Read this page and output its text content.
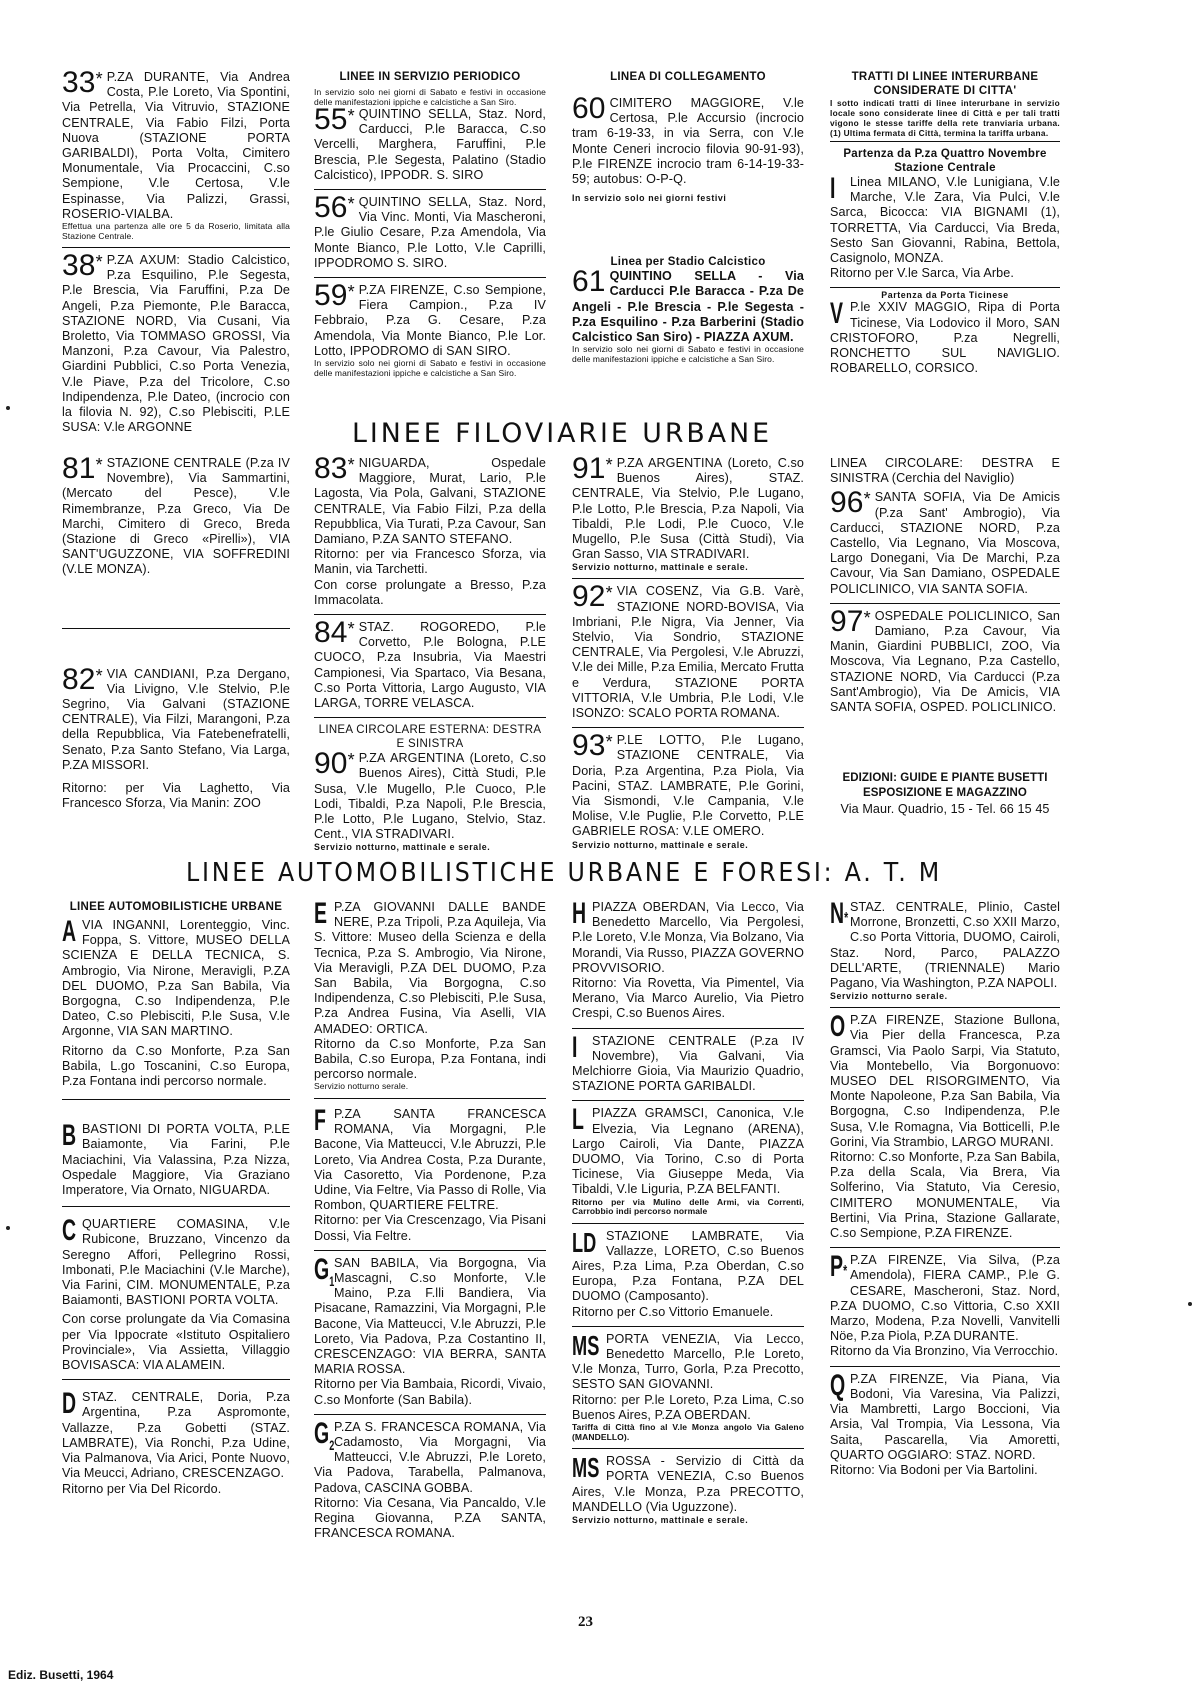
33* P.ZA DURANTE, Via Andrea Costa, P.le Loreto, Via Spontini, Via Petrella, Via Vitruvio, STAZIONE CENTRALE, Via Fabio Filzi, Porta Nuova (STAZIONE PORTA GARIBALDI), Porta Volta, Cimitero Monumentale, Via Procaccini, C.so Sempione, V.le Certosa, V.le Espinasse, Via Palizzi, Grassi, ROSERIO-VIALBA.
Effettua una partenza alle ore 5 da Roserio, limitata alla Stazione Centrale.
38* P.ZA AXUM: Stadio Calcistico, P.za Esquilino, P.le Segesta, P.le Brescia, Via Faruffini, P.za De Angeli, P.za Piemonte, P.le Baracca, STAZIONE NORD, Via Cusani, Via Broletto, Via TOMMASO GROSSI, Via Manzoni, P.za Cavour, Via Palestro, Giardini Pubblici, C.so Porta Venezia, V.le Piave, P.za del Tricolore, C.so Indipendenza, P.le Dateo, (incrocio con la filovia N. 92), C.so Plebisciti, P.LE SUSA: V.le ARGONNE
LINEE IN SERVIZIO PERIODICO
In servizio solo nei giorni di Sabato e festivi in occasione delle manifestazioni ippiche e calcistiche a San Siro.
55* QUINTINO SELLA, Staz. Nord, Carducci, P.le Baracca, C.so Vercelli, Marghera, Faruffini, P.le Brescia, P.le Segesta, Palatino (Stadio Calcistico), IPPODR. S. SIRO
56* QUINTINO SELLA, Staz. Nord, Via Vinc. Monti, Via Mascheroni, P.le Giulio Cesare, P.za Amendola, Via Monte Bianco, P.le Lotto, V.le Caprilli, IPPODROMO S. SIRO.
59* P.ZA FIRENZE, C.so Sempione, Fiera Campion., P.za IV Febbraio, P.za G. Cesare, P.za Amendola, Via Monte Bianco, P.le Lor. Lotto, IPPODROMO di SAN SIRO.
In servizio solo nei giorni di Sabato e festivi in occasione delle manifestazioni ippiche e calcistiche a San Siro.
LINEA DI COLLEGAMENTO
60 CIMITERO MAGGIORE, V.le Certosa, P.le Accursio (incrocio tram 6-19-33, in via Serra, con V.le Monte Ceneri incrocio filovia 90-91-93), P.le FIRENZE incrocio tram 6-14-19-33-59; autobus: O-P-Q.
In servizio solo nei giorni festivi
Linea per Stadio Calcistico
61 QUINTINO SELLA - Via Carducci P.le Baracca - P.za De Angeli - P.le Brescia - P.le Segesta - P.za Esquilino - P.za Barberini (Stadio Calcistico San Siro) - PIAZZA AXUM.
In servizio solo nei giorni di Sabato e festivi in occasione delle manifestazioni ippiche e calcistiche a San Siro.
TRATTI DI LINEE INTERURBANE CONSIDERATE DI CITTA'
I sotto indicati tratti di linee interurbane in servizio locale sono considerate linee di Città e per tali tratti vigono le stesse tariffe della rete tranviaria urbana. (1) Ultima fermata di Città, termina la tariffa urbana.
Partenza da P.za Quattro Novembre Stazione Centrale
I	Linea MILANO, V.le Lunigiana, V.le Marche, V.le Zara, Via Pulci, V.le Sarca, Bicocca: VIA BIGNAMI (1), TORRETTA, Via Carducci, Via Breda, Sesto San Giovanni, Rabina, Bettola, Casignolo, MONZA.
Ritorno per V.le Sarca, Via Arbe.
Partenza da Porta Ticinese
V P.le XXIV MAGGIO, Ripa di Porta Ticinese, Via Lodovico il Moro, SAN CRISTOFORO, P.za Negrelli, RONCHETTO SUL NAVIGLIO. ROBARELLO, CORSICO.
LINEE FILOVIARIE URBANE
81* STAZIONE CENTRALE (P.za IV Novembre), Via Sammartini, (Mercato del Pesce), V.le Rimembranze, P.za Greco, Via De Marchi, Cimitero di Greco, Breda (Stazione di Greco «Pirelli»), VIA SANT'UGUZZONE, VIA SOFFREDINI (V.LE MONZA).
82* VIA CANDIANI, P.za Dergano, Via Livigno, V.le Stelvio, P.le Segrino, Via Galvani (STAZIONE CENTRALE), Via Filzi, Marangoni, P.za della Repubblica, Via Fatebenefratelli, Senato, P.za Santo Stefano, Via Larga, P.ZA MISSORI.
Ritorno: per Via Laghetto, Via Francesco Sforza, Via Manin: ZOO
83* NIGUARDA, Ospedale Maggiore, Murat, Lario, P.le Lagosta, Via Pola, Galvani, STAZIONE CENTRALE, Via Fabio Filzi, P.za della Repubblica, Via Turati, P.za Cavour, San Damiano, P.ZA SANTO STEFANO.
Ritorno: per via Francesco Sforza, via Manin, via Tarchetti.
Con corse prolungate a Bresso, P.za Immacolata.
84* STAZ. ROGOREDO, P.le Corvetto, P.le Bologna, P.LE CUOCO, P.za Insubria, Via Maestri Campionesi, Via Spartaco, Via Besana, C.so Porta Vittoria, Largo Augusto, VIA LARGA, TORRE VELASCA.
LINEA CIRCOLARE ESTERNA: DESTRA E SINISTRA
90* P.ZA ARGENTINA (Loreto, C.so Buenos Aires), Città Studi, P.le Susa, V.le Mugello, P.le Cuoco, P.le Lodi, Tibaldi, P.za Napoli, P.le Brescia, P.le Lotto, P.le Lugano, Stelvio, Staz. Cent., VIA STRADIVARI.
Servizio notturno, mattinale e serale.
91* P.ZA ARGENTINA (Loreto, C.so Buenos Aires), STAZ. CENTRALE, Via Stelvio, P.le Lugano, P.le Lotto, P.le Brescia, P.za Napoli, Via Tibaldi, P.le Lodi, P.le Cuoco, V.le Mugello, P.le Susa (Città Studi), Via Gran Sasso, VIA STRADIVARI.
Servizio notturno, mattinale e serale.
92* VIA COSENZ, Via G.B. Varè, STAZIONE NORD-BOVISA, Via Imbriani, P.le Nigra, Via Jenner, Via Stelvio, Via Sondrio, STAZIONE CENTRALE, Via Pergolesi, V.le Abruzzi, V.le dei Mille, P.za Emilia, Mercato Frutta e Verdura, STAZIONE PORTA VITTORIA, V.le Umbria, P.le Lodi, V.le ISONZO: SCALO PORTA ROMANA.
93* P.LE LOTTO, P.le Lugano, STAZIONE CENTRALE, Via Doria, P.za Argentina, P.za Piola, Via Pacini, STAZ. LAMBRATE, P.le Gorini, Via Sismondi, V.le Campania, V.le Molise, V.le Puglie, P.le Corvetto, P.LE GABRIELE ROSA: V.LE OMERO.
Servizio notturno, mattinale e serale.
LINEA CIRCOLARE: DESTRA E SINISTRA (Cerchia del Naviglio)
96* SANTA SOFIA, Via De Amicis (P.za Sant' Ambrogio), Via Carducci, STAZIONE NORD, P.za Castello, Via Legnano, Via Moscova, Largo Donegani, Via De Marchi, P.za Cavour, Via San Damiano, OSPEDALE POLICLINICO, VIA SANTA SOFIA.
97* OSPEDALE POLICLINICO, San Damiano, P.za Cavour, Via Manin, Giardini PUBBLICI, ZOO, Via Moscova, Via Legnano, P.za Castello, STAZIONE NORD, Via Carducci (P.za Sant'Ambrogio), Via De Amicis, VIA SANTA SOFIA, OSPED. POLICLINICO.
EDIZIONI: GUIDE E PIANTE BUSETTI
ESPOSIZIONE E MAGAZZINO
Via Maur. Quadrio, 15 - Tel. 66 15 45
LINEE AUTOMOBILISTICHE URBANE E FORESI: A. T. M
LINEE AUTOMOBILISTICHE URBANE
A VIA INGANNI, Lorenteggio, Vinc. Foppa, S. Vittore, MUSEO DELLA SCIENZA E DELLA TECNICA, S. Ambrogio, Via Nirone, Meravigli, P.ZA DEL DUOMO, P.za San Babila, Via Borgogna, C.so Indipendenza, P.le Dateo, C.so Plebisciti, P.le Susa, V.le Argonne, VIA SAN MARTINO.
Ritorno da C.so Monforte, P.za San Babila, L.go Toscanini, C.so Europa, P.za Fontana indi percorso normale.
B BASTIONI DI PORTA VOLTA, P.LE Baiamonte, Via Farini, P.le Maciachini, Via Valassina, P.za Nizza, Ospedale Maggiore, Via Graziano Imperatore, Via Ornato, NIGUARDA.
C QUARTIERE COMASINA, V.le Rubicone, Bruzzano, Vincenzo da Seregno Affori, Pellegrino Rossi, Imbonati, P.le Maciachini (V.le Marche), Via Farini, CIM. MONUMENTALE, P.za Baiamonti, BASTIONI PORTA VOLTA.
Con corse prolungate da Via Comasina per Via Ippocrate «Istituto Ospitaliero Provinciale», Via Assietta, Villaggio BOVISASCA: VIA ALAMEIN.
D STAZ. CENTRALE, Doria, P.za Argentina, P.za Aspromonte, Vallazze, P.za Gobetti (STAZ. LAMBRATE), Via Ronchi, P.za Udine, Via Palmanova, Via Arici, Ponte Nuovo, Via Meucci, Adriano, CRESCENZAGO.
Ritorno per Via Del Ricordo.
E P.ZA GIOVANNI DALLE BANDE NERE, P.za Tripoli, P.za Aquileja, Via S. Vittore: Museo della Scienza e della Tecnica, P.za S. Ambrogio, Via Nirone, Via Meravigli, P.ZA DEL DUOMO, P.za San Babila, Via Borgogna, C.so Indipendenza, C.so Plebisciti, P.le Susa, P.za Andrea Fusina, Via Aselli, VIA AMADEO: ORTICA.
Ritorno da C.so Monforte, P.za San Babila, C.so Europa, P.za Fontana, indi percorso normale.
Servizio notturno serale.
F P.ZA SANTA FRANCESCA ROMANA, Via Morgagni, P.le Bacone, Via Matteucci, V.le Abruzzi, P.le Loreto, Via Andrea Costa, P.za Durante, Via Casoretto, Via Pordenone, P.za Udine, Via Feltre, Via Passo di Rolle, Via Rombon, QUARTIERE FELTRE.
Ritorno: per Via Crescenzago, Via Pisani Dossi, Via Feltre.
$G_1$
SAN BABILA, Via Borgogna, Via Mascagni, C.so Monforte, V.le Maino, P.za F.lli Bandiera, Via Pisacane, Ramazzini, Via Morgagni, P.le Bacone, Via Matteucci, V.le Abruzzi, P.le Loreto, Via Padova, P.za Costantino II, CRESCENZAGO: VIA BERRA, SANTA MARIA ROSSA.
Ritorno per Via Bambaia, Ricordi, Vivaio, C.so Monforte (San Babila).
$G_2$
P.ZA S. FRANCESCA ROMANA, Via Cadamosto, Via Morgagni, Via Matteucci, V.le Abruzzi, P.le Loreto, Via Padova, Tarabella, Palmanova, Padova, CASCINA GOBBA.
Ritorno: Via Cesana, Via Pancaldo, V.le Regina Giovanna, P.ZA SANTA, FRANCESCA ROMANA.
H PIAZZA OBERDAN, Via Lecco, Via Benedetto Marcello, Via Pergolesi, P.le Loreto, V.le Monza, Via Bolzano, Via Morandi, Via Russo, PIAZZA GOVERNO PROVVISORIO.
Ritorno: Via Rovetta, Via Pimentel, Via Merano, Via Marco Aurelio, Via Pietro Crespi, C.so Buenos Aires.
I	STAZIONE CENTRALE (P.za IV Novembre), Via Galvani, Via Melchiorre Gioia, Via Maurizio Quadrio, STAZIONE PORTA GARIBALDI.
L PIAZZA GRAMSCI, Canonica, V.le Elvezia, Via Legnano (ARENA), Largo Cairoli, Via Dante, PIAZZA DUOMO, Via Torino, C.so di Porta Ticinese, Via Giuseppe Meda, Via Tibaldi, V.le Liguria, P.ZA BELFANTI.
Ritorno per via Mulino delle Armi, via Correnti, Carrobbio indi percorso normale
LD STAZIONE LAMBRATE, Via Vallazze, LORETO, C.so Buenos Aires, P.za Lima, P.za Oberdan, C.so Europa, P.za Fontana, P.ZA DEL DUOMO (Camposanto).
Ritorno per C.so Vittorio Emanuele.
MS PORTA VENEZIA, Via Lecco, Benedetto Marcello, P.le Loreto, V.le Monza, Turro, Gorla, P.za Precotto, SESTO SAN GIOVANNI.
Ritorno: per P.le Loreto, P.za Lima, C.so Buenos Aires, P.ZA OBERDAN.
Tariffa di Città fino al V.le Monza angolo Via Galeno (MANDELLO).
MS ROSSA - Servizio di Città da PORTA VENEZIA, C.so Buenos Aires, V.le Monza, P.za PRECOTTO, MANDELLO (Via Uguzzone).
Servizio notturno, mattinale e serale.
N*
STAZ. CENTRALE, Plinio, Castel Morrone, Bronzetti, C.so XXII Marzo, C.so Porta Vittoria, DUOMO, Cairoli, Staz. Nord, Parco, PALAZZO DELL'ARTE, (TRIENNALE) Mario Pagano, Via Washington, P.ZA NAPOLI.
Servizio notturno serale.
O P.ZA FIRENZE, Stazione Bullona, Via Pier della Francesca, P.za Gramsci, Via Paolo Sarpi, Via Statuto, Via Montebello, Via Borgonuovo: MUSEO DEL RISORGIMENTO, Via Monte Napoleone, P.za San Babila, Via Borgogna, C.so Indipendenza, P.le Susa, V.le Romagna, Via Botticelli, P.le Gorini, Via Strambio, LARGO MURANI.
Ritorno: C.so Monforte, P.za San Babila, P.za della Scala, Via Brera, Via Solferino, Via Statuto, Via Ceresio, CIMITERO MONUMENTALE, Via Bertini, Via Prina, Stazione Gallarate, C.so Sempione, P.ZA FIRENZE.
P*
P.ZA FIRENZE, Via Silva, (P.za Amendola), FIERA CAMP., P.le G. CESARE, Mascheroni, Staz. Nord, P.ZA DUOMO, C.so Vittoria, C.so XXII Marzo, Modena, P.za Novelli, Vanvitelli Nöe, P.za Piola, P.ZA DURANTE.
Ritorno da Via Bronzino, Via Verrocchio.
Q P.ZA FIRENZE, Via Piana, Via Bodoni, Via Varesina, Via Palizzi, Via Mambretti, Largo Boccioni, Via Arsia, Val Trompia, Via Lessona, Via Saita, Pascarella, Via Amoretti, QUARTO OGGIARO: STAZ. NORD.
Ritorno: Via Bodoni per Via Bartolini.
23
Ediz. Busetti, 1964
